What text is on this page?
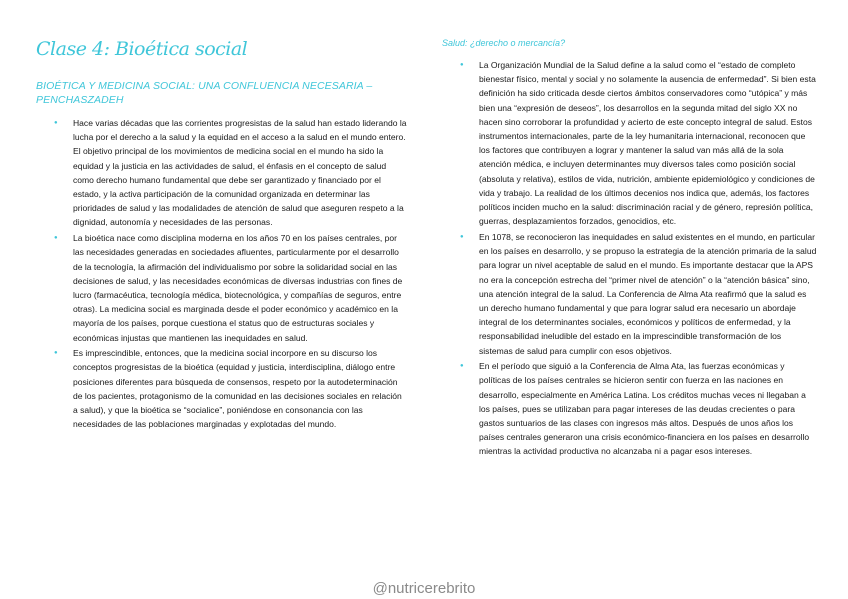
Clase 4: Bioética social
BIOÉTICA Y MEDICINA SOCIAL: UNA CONFLUENCIA NECESARIA – PENCHASZADEH
Salud: ¿derecho o mercancía?
● Hace varias décadas que las corrientes progresistas de la salud han estado liderando la lucha por el derecho a la salud y la equidad en el acceso a la salud en el mundo entero. El objetivo principal de los movimientos de medicina social en el mundo ha sido la equidad y la justicia en las actividades de salud, el énfasis en el concepto de salud como derecho humano fundamental que debe ser garantizado y financiado por el estado, y la activa participación de la comunidad organizada en determinar las prioridades de salud y las modalidades de atención de salud que aseguren respeto a la dignidad, autonomía y necesidades de las personas.
● La bioética nace como disciplina moderna en los años 70 en los países centrales, por las necesidades generadas en sociedades afluentes, particularmente por el desarrollo de la tecnología, la afirmación del individualismo por sobre la solidaridad social en las decisiones de salud, y las necesidades económicas de diversas industrias con fines de lucro (farmacéutica, tecnología médica, biotecnológica, y compañías de seguros, entre otras). La medicina social es marginada desde el poder económico y académico en la mayoría de los países, porque cuestiona el status quo de estructuras sociales y económicas injustas que mantienen las inequidades en salud.
● Es imprescindible, entonces, que la medicina social incorpore en su discurso los conceptos progresistas de la bioética (equidad y justicia, interdisciplina, diálogo entre posiciones diferentes para búsqueda de consensos, respeto por la autodeterminación de los pacientes, protagonismo de la comunidad en las decisiones sociales en relación a salud), y que la bioética se “socialice”, poniéndose en consonancia con las necesidades de las poblaciones marginadas y explotadas del mundo.
● La Organización Mundial de la Salud define a la salud como el “estado de completo bienestar físico, mental y social y no solamente la ausencia de enfermedad”. Si bien esta definición ha sido criticada desde ciertos ámbitos conservadores como “utópica” y más bien una “expresión de deseos”, los desarrollos en la segunda mitad del siglo XX no hacen sino corroborar la profundidad y acierto de este concepto integral de salud. Estos instrumentos internacionales, parte de la ley humanitaria internacional, reconocen que los factores que contribuyen a lograr y mantener la salud van más allá de la sola atención médica, e incluyen determinantes muy diversos tales como posición social (absoluta y relativa), estilos de vida, nutrición, ambiente epidemiológico y condiciones de vida y trabajo. La realidad de los últimos decenios nos indica que, además, los factores políticos inciden mucho en la salud: discriminación racial y de género, represión política, guerras, desplazamientos forzados, genocidios, etc.
● En 1078, se reconocieron las inequidades en salud existentes en el mundo, en particular en los países en desarrollo, y se propuso la estrategia de la atención primaria de la salud para lograr un nivel aceptable de salud en el mundo. Es importante destacar que la APS no era la concepción estrecha del “primer nivel de atención” o la “atención básica” sino, una atención integral de la salud. La Conferencia de Alma Ata reafirmó que la salud es un derecho humano fundamental y que para lograr salud era necesario un abordaje integral de los determinantes sociales, económicos y políticos de enfermedad, y la responsabilidad ineludible del estado en la imprescindible transformación de los sistemas de salud para cumplir con esos objetivos.
● En el período que siguió a la Conferencia de Alma Ata, las fuerzas económicas y políticas de los países centrales se hicieron sentir con fuerza en las naciones en desarrollo, especialmente en América Latina. Los créditos muchas veces ni llegaban a los países, pues se utilizaban para pagar intereses de las deudas crecientes o para gastos suntuarios de las clases con ingresos más altos. Después de unos años los países centrales generaron una crisis económico-financiera en los países en desarrollo mientras la actividad productiva no alcanzaba ni a pagar esos intereses.
@nutricerebrito
